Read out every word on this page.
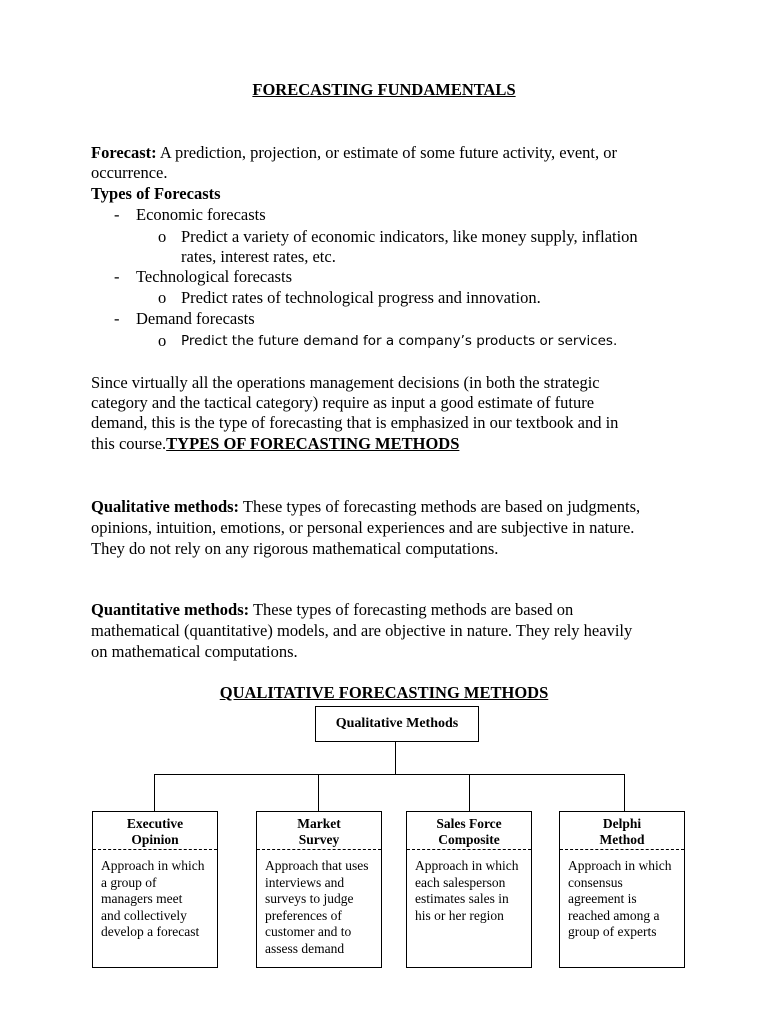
FORECASTING FUNDAMENTALS
Forecast: A prediction, projection, or estimate of some future activity, event, or
occurrence.
Types of Forecasts
- Economic forecasts
o Predict a variety of economic indicators, like money supply, inflation
rates, interest rates, etc.
- Technological forecasts
o Predict rates of technological progress and innovation.
- Demand forecasts
o Predict the future demand for a company’s products or services.
Since virtually all the operations management decisions (in both the strategic
category and the tactical category) require as input a good estimate of future
demand, this is the type of forecasting that is emphasized in our textbook and in
this course.TYPES OF FORECASTING METHODS
Qualitative methods: These types of forecasting methods are based on judgments,
opinions, intuition, emotions, or personal experiences and are subjective in nature.
They do not rely on any rigorous mathematical computations.
Quantitative methods: These types of forecasting methods are based on
mathematical (quantitative) models, and are objective in nature. They rely heavily
on mathematical computations.
QUALITATIVE FORECASTING METHODS
Qualitative Methods
Executive
Opinion
Approach in which
a group of
managers meet
and collectively
develop a forecast
Market
Survey
Approach that uses
interviews and
surveys to judge
preferences of
customer and to
assess demand
Sales Force
Composite
Approach in which
each salesperson
estimates sales in
his or her region
Delphi
Method
Approach in which
consensus
agreement is
reached among a
group of experts
